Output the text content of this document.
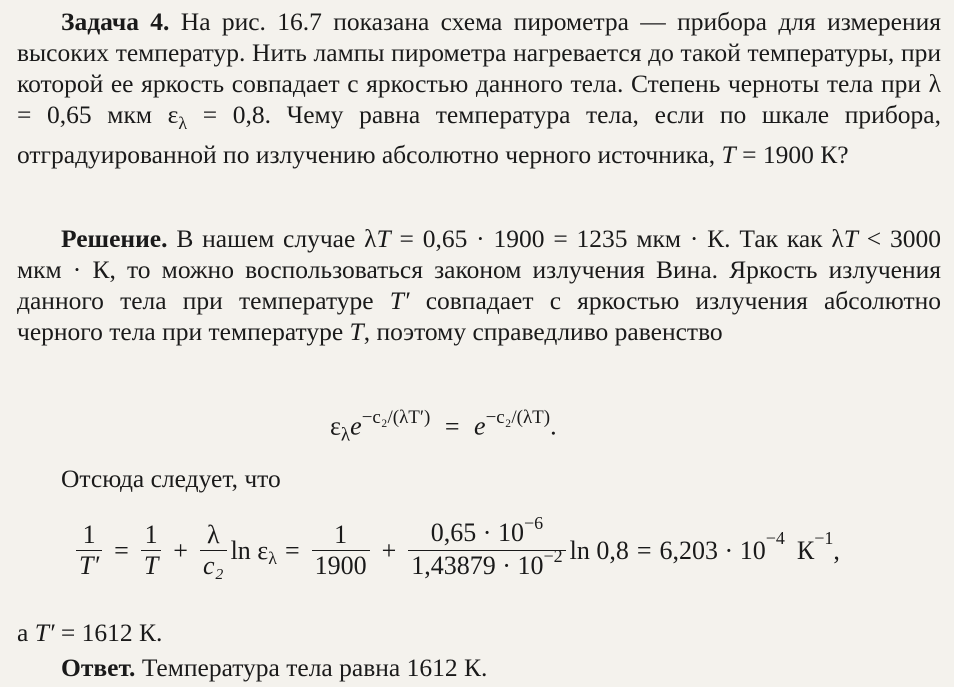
Задача 4. На рис. 16.7 показана схема пирометра — прибора для измерения высоких температур. Нить лампы пирометра нагревается до такой температуры, при которой ее яркость совпадает с яркостью данного тела. Степень черноты тела при λ = 0,65 мкм $\varepsilon_\lambda = 0,8$. Чему равна температура тела, если по шкале прибора, отградуированной по излучению абсолютно черного источника, T = 1900 К?

Решение. В нашем случае λT = 0,65 · 1900 = 1235 мкм · К. Так как λT < 3000 мкм · К, то можно воспользоваться законом излучения Вина. Яркость излучения данного тела при температуре T′ совпадает с яркостью излучения абсолютно черного тела при температуре T, поэтому справедливо равенство

$\varepsilon_\lambda e^{-c_2/(\lambda T')} = e^{-c_2/(\lambda T)}$.
Отсюда следует, что
$\frac{1}{T'} = \frac{1}{T} + \frac{\lambda}{\text{c₂}}$ ln ε $\lambda = \frac{1}{1900} + \frac{0,65 \cdot 10^{-6}}{1,43879 \cdot 10^{-2}}$ ln 0,8 = 6,203 · 10 −4 К −1 ,
а T′ = 1612 К.
Ответ. Температура тела равна 1612 К.
